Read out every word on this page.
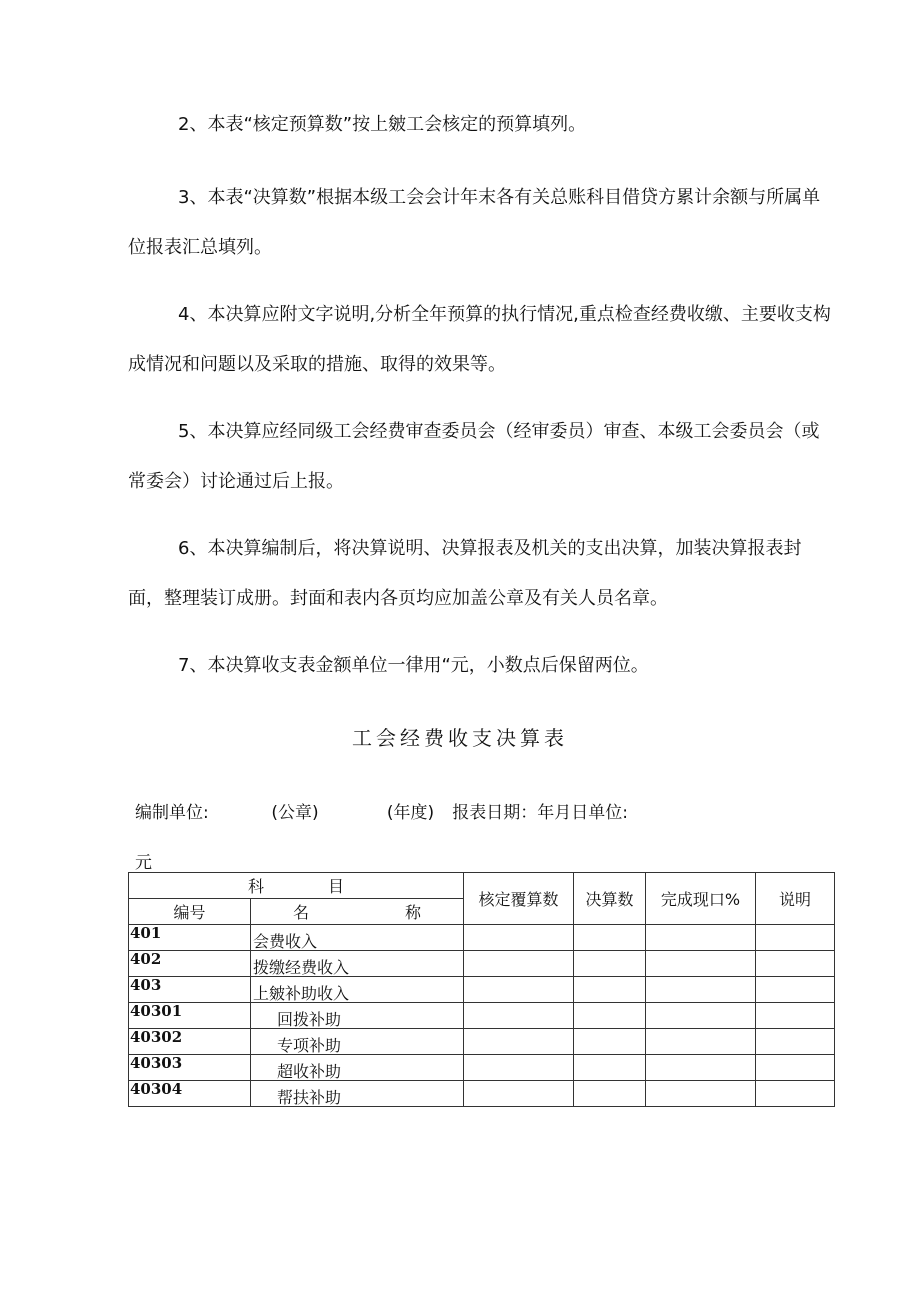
2、本表“核定预算数”按上皴工会核定的预算填列。

3、本表“决算数”根据本级工会会计年末各有关总账科目借贷方累计余额与所属单位报表汇总填列。

4、本决算应附文字说明,分析全年预算的执行情况,重点检查经费收缴、主要收支构成情况和问题以及采取的措施、取得的效果等。

5、本决算应经同级工会经费审查委员会（经审委员）审查、本级工会委员会（或常委会）讨论通过后上报。

6、本决算编制后，将决算说明、决算报表及机关的支出决算，加装决算报表封面，整理装订成册。封面和表内各页均应加盖公章及有关人员名章。

7、本决算收支表金额单位一律用“元，小数点后保留两位。

工会经费收支决算表
编制单位:	(公章)	(年度) 报表日期：年月日单位:
元
科　　　　目		核定覆算数	决算数	完成现口%	说明
编号	名　　　　　　称				
401	会费收入				
402	拨缴经费收入				
403	上皴补助收入				
40301	回拨补助				
40302	专项补助				
40303	超收补助				
40304	帮扶补助				
